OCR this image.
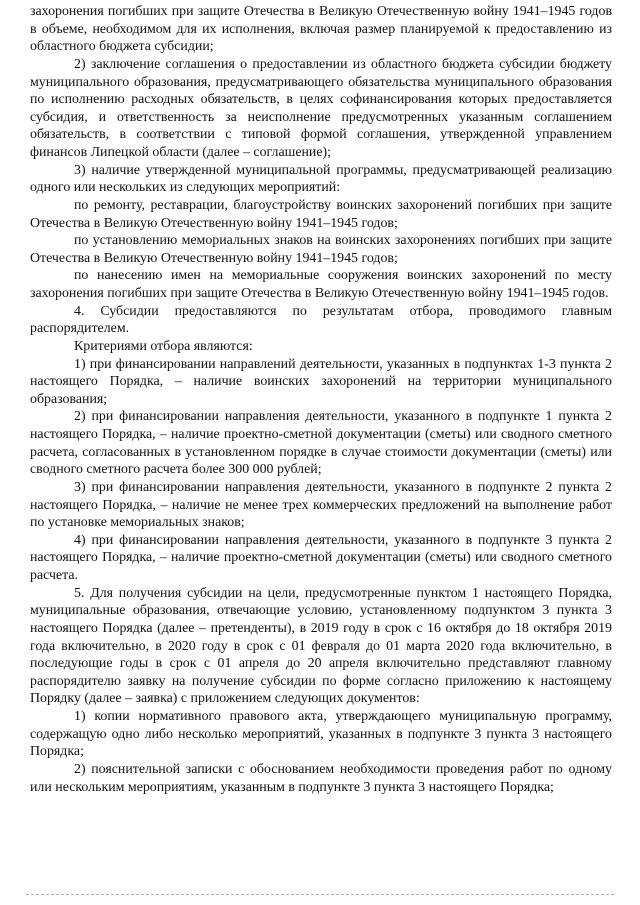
захоронения погибших при защите Отечества в Великую Отечественную войну 1941–1945 годов в объеме, необходимом для их исполнения, включая размер планируемой к предоставлению из областного бюджета субсидии;

2) заключение соглашения о предоставлении из областного бюджета субсидии бюджету муниципального образования, предусматривающего обязательства муниципального образования по исполнению расходных обязательств, в целях софинансирования которых предоставляется субсидия, и ответственность за неисполнение предусмотренных указанным соглашением обязательств, в соответствии с типовой формой соглашения, утвержденной управлением финансов Липецкой области (далее – соглашение);

3) наличие утвержденной муниципальной программы, предусматривающей реализацию одного или нескольких из следующих мероприятий:

по ремонту, реставрации, благоустройству воинских захоронений погибших при защите Отечества в Великую Отечественную войну 1941–1945 годов;

по установлению мемориальных знаков на воинских захоронениях погибших при защите Отечества в Великую Отечественную войну 1941–1945 годов;

по нанесению имен на мемориальные сооружения воинских захоронений по месту захоронения погибших при защите Отечества в Великую Отечественную войну 1941–1945 годов.

4. Субсидии предоставляются по результатам отбора, проводимого главным распорядителем.

Критериями отбора являются:

1) при финансировании направлений деятельности, указанных в подпунктах 1-3 пункта 2 настоящего Порядка, – наличие воинских захоронений на территории муниципального образования;

2) при финансировании направления деятельности, указанного в подпункте 1 пункта 2 настоящего Порядка, – наличие проектно-сметной документации (сметы) или сводного сметного расчета, согласованных в установленном порядке в случае стоимости документации (сметы) или сводного сметного расчета более 300 000 рублей;

3) при финансировании направления деятельности, указанного в подпункте 2 пункта 2 настоящего Порядка, – наличие не менее трех коммерческих предложений на выполнение работ по установке мемориальных знаков;

4) при финансировании направления деятельности, указанного в подпункте 3 пункта 2 настоящего Порядка, – наличие проектно-сметной документации (сметы) или сводного сметного расчета.

5. Для получения субсидии на цели, предусмотренные пунктом 1 настоящего Порядка, муниципальные образования, отвечающие условию, установленному подпунктом 3 пункта 3 настоящего Порядка (далее – претенденты), в 2019 году в срок с 16 октября до 18 октября 2019 года включительно, в 2020 году в срок с 01 февраля до 01 марта 2020 года включительно, в последующие годы в срок с 01 апреля до 20 апреля включительно представляют главному распорядителю заявку на получение субсидии по форме согласно приложению к настоящему Порядку (далее – заявка) с приложением следующих документов:

1) копии нормативного правового акта, утверждающего муниципальную программу, содержащую одно либо несколько мероприятий, указанных в подпункте 3 пункта 3 настоящего Порядка;

2) пояснительной записки с обоснованием необходимости проведения работ по одному или нескольким мероприятиям, указанным в подпункте 3 пункта 3 настоящего Порядка;
